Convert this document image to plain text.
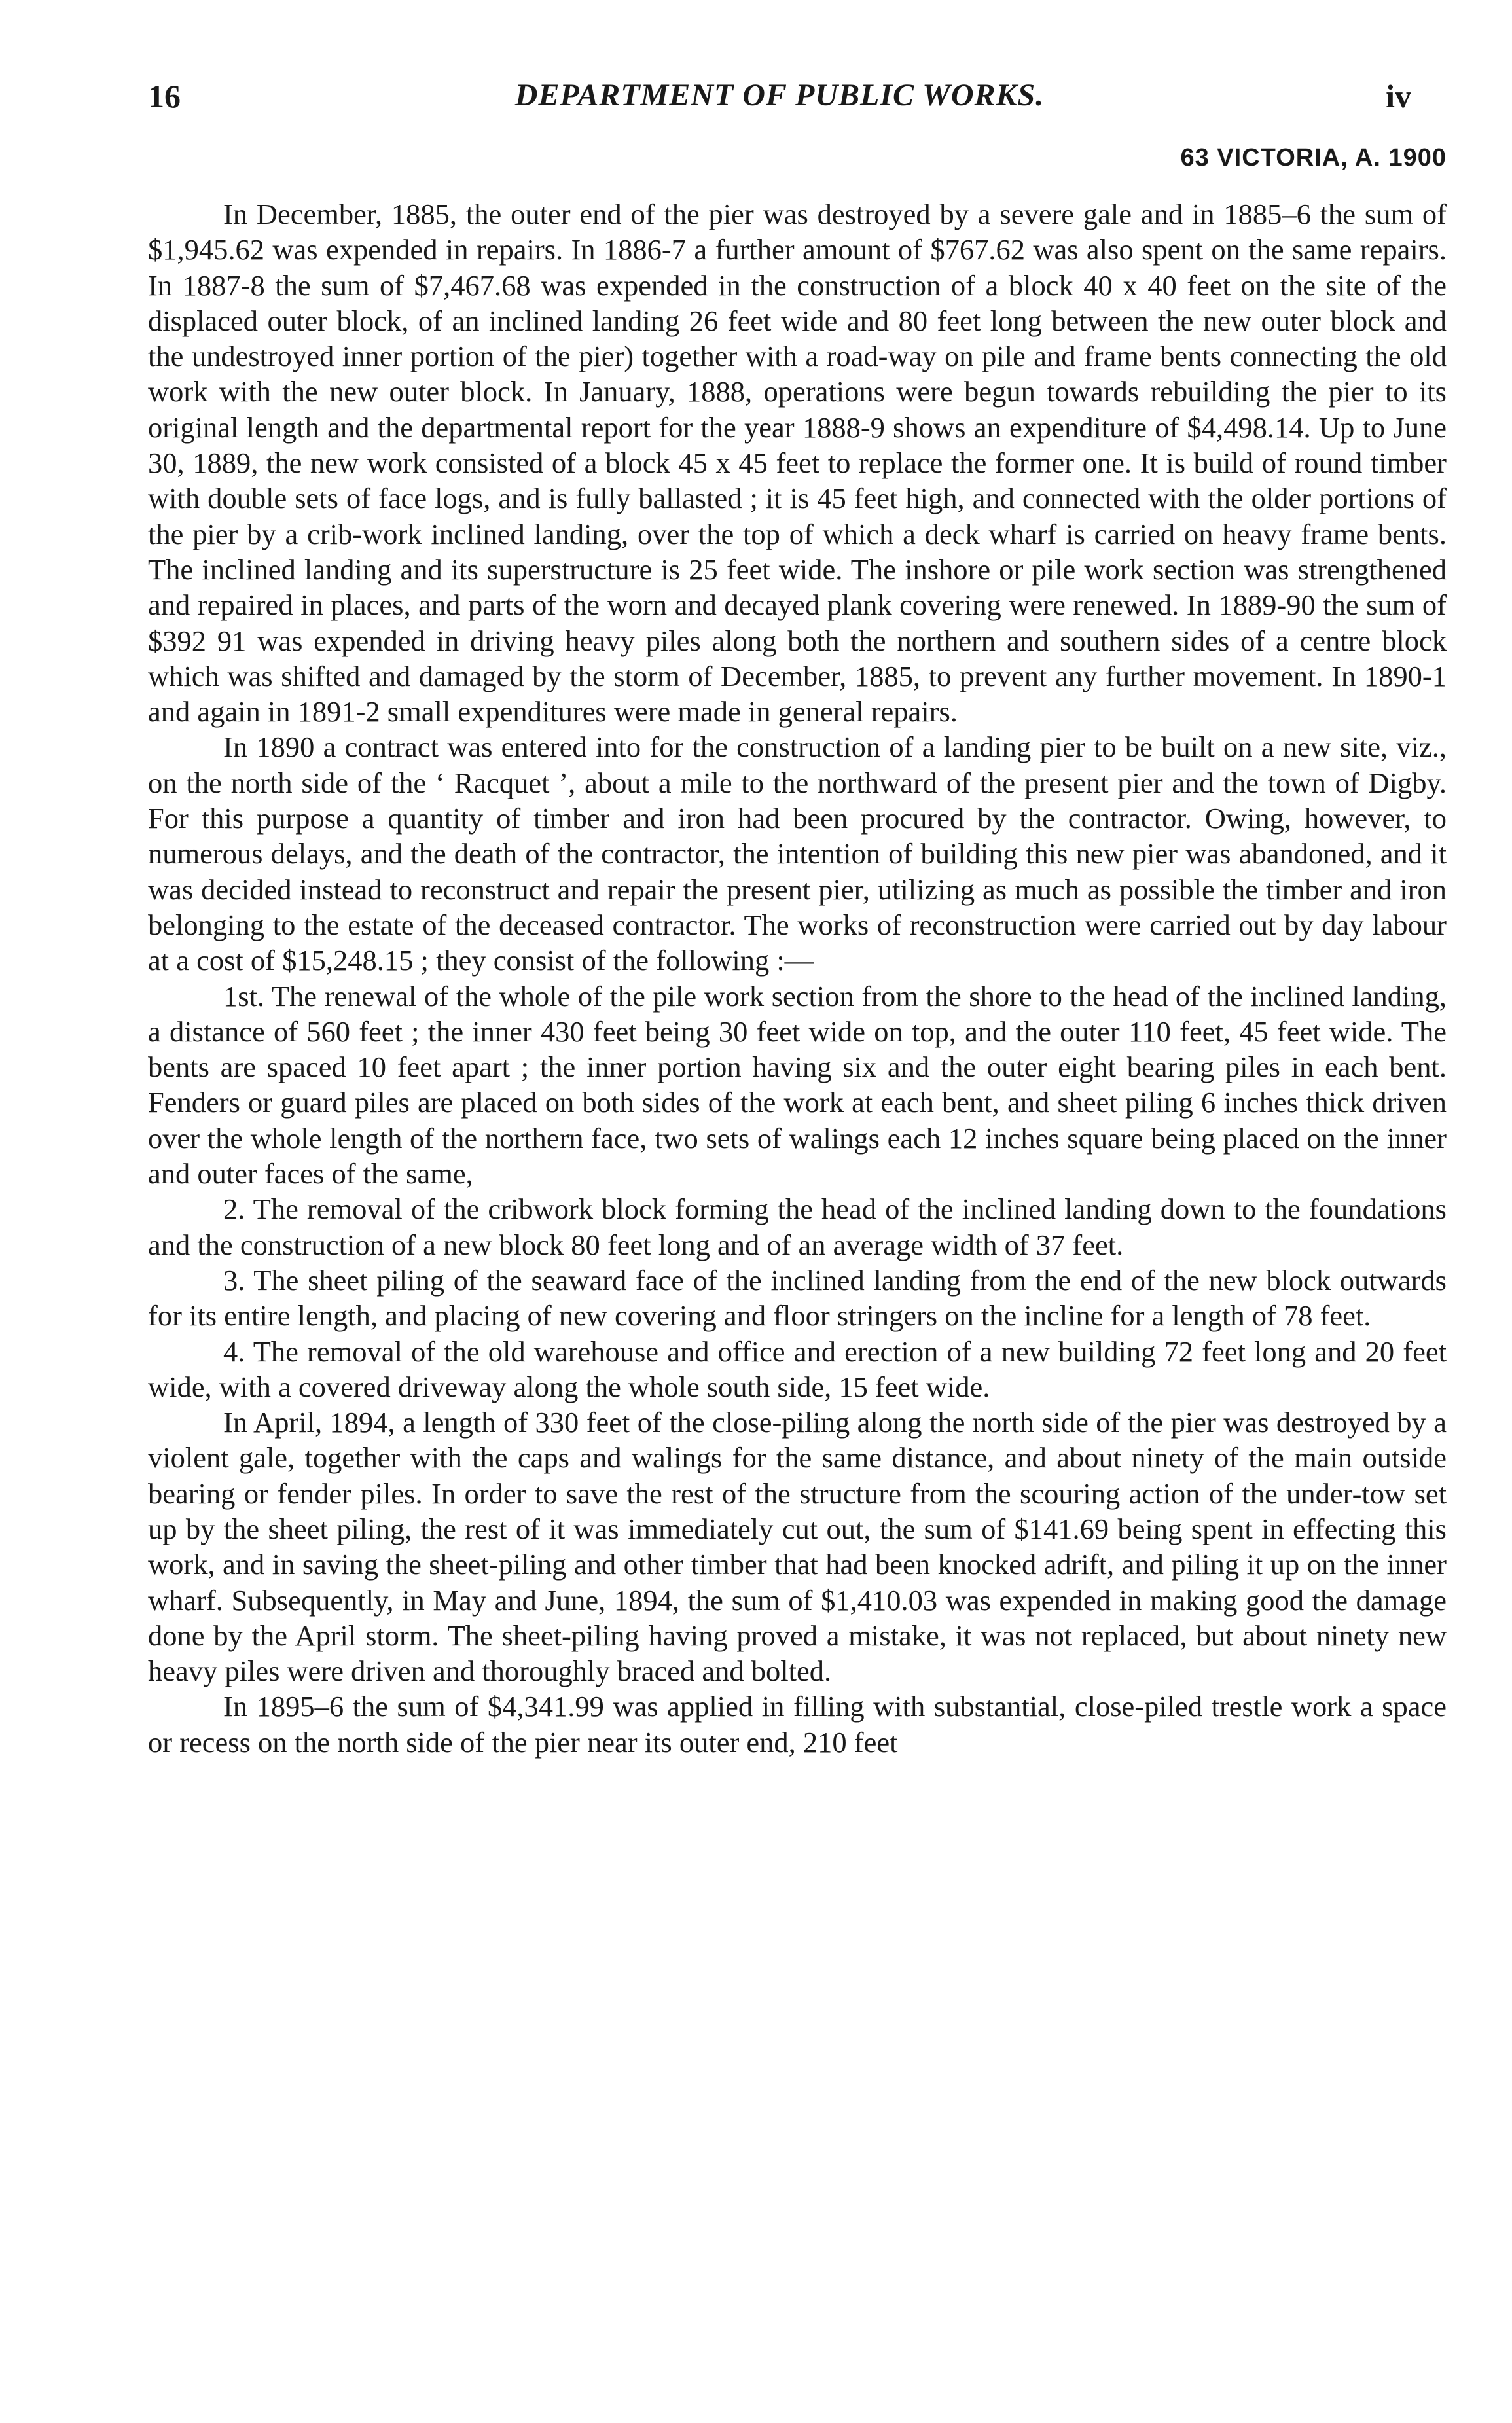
16	DEPARTMENT OF PUBLIC WORKS.	iv
63 VICTORIA, A. 1900

In December, 1885, the outer end of the pier was destroyed by a severe gale and in 1885–6 the sum of $1,945.62 was expended in repairs. In 1886-7 a further amount of $767.62 was also spent on the same repairs. In 1887-8 the sum of $7,467.68 was expended in the construction of a block 40 x 40 feet on the site of the displaced outer block, of an inclined landing 26 feet wide and 80 feet long between the new outer block and the undestroyed inner portion of the pier) together with a road-way on pile and frame bents connecting the old work with the new outer block. In January, 1888, operations were begun towards rebuilding the pier to its original length and the departmental report for the year 1888-9 shows an expenditure of $4,498.14. Up to June 30, 1889, the new work consisted of a block 45 x 45 feet to replace the former one. It is build of round timber with double sets of face logs, and is fully ballasted ; it is 45 feet high, and connected with the older portions of the pier by a crib-work inclined landing, over the top of which a deck wharf is carried on heavy frame bents. The inclined landing and its superstructure is 25 feet wide. The inshore or pile work section was strengthened and repaired in places, and parts of the worn and decayed plank covering were renewed. In 1889-90 the sum of $392 91 was expended in driving heavy piles along both the northern and southern sides of a centre block which was shifted and damaged by the storm of December, 1885, to prevent any further movement. In 1890-1 and again in 1891-2 small expenditures were made in general repairs.

In 1890 a contract was entered into for the construction of a landing pier to be built on a new site, viz., on the north side of the ‘ Racquet ’, about a mile to the northward of the present pier and the town of Digby. For this purpose a quantity of timber and iron had been procured by the contractor. Owing, however, to numerous delays, and the death of the contractor, the intention of building this new pier was abandoned, and it was decided instead to reconstruct and repair the present pier, utilizing as much as possible the timber and iron belonging to the estate of the deceased contractor. The works of reconstruction were carried out by day labour at a cost of $15,248.15 ; they consist of the following :—

1st. The renewal of the whole of the pile work section from the shore to the head of the inclined landing, a distance of 560 feet ; the inner 430 feet being 30 feet wide on top, and the outer 110 feet, 45 feet wide. The bents are spaced 10 feet apart ; the inner portion having six and the outer eight bearing piles in each bent. Fenders or guard piles are placed on both sides of the work at each bent, and sheet piling 6 inches thick driven over the whole length of the northern face, two sets of walings each 12 inches square being placed on the inner and outer faces of the same,

2. The removal of the cribwork block forming the head of the inclined landing down to the foundations and the construction of a new block 80 feet long and of an average width of 37 feet.

3. The sheet piling of the seaward face of the inclined landing from the end of the new block outwards for its entire length, and placing of new covering and floor stringers on the incline for a length of 78 feet.

4. The removal of the old warehouse and office and erection of a new building 72 feet long and 20 feet wide, with a covered driveway along the whole south side, 15 feet wide.

In April, 1894, a length of 330 feet of the close-piling along the north side of the pier was destroyed by a violent gale, together with the caps and walings for the same distance, and about ninety of the main outside bearing or fender piles. In order to save the rest of the structure from the scouring action of the under-tow set up by the sheet piling, the rest of it was immediately cut out, the sum of $141.69 being spent in effecting this work, and in saving the sheet-piling and other timber that had been knocked adrift, and piling it up on the inner wharf. Subsequently, in May and June, 1894, the sum of $1,410.03 was expended in making good the damage done by the April storm. The sheet-piling having proved a mistake, it was not replaced, but about ninety new heavy piles were driven and thoroughly braced and bolted.

In 1895–6 the sum of $4,341.99 was applied in filling with substantial, close-piled trestle work a space or recess on the north side of the pier near its outer end, 210 feet
